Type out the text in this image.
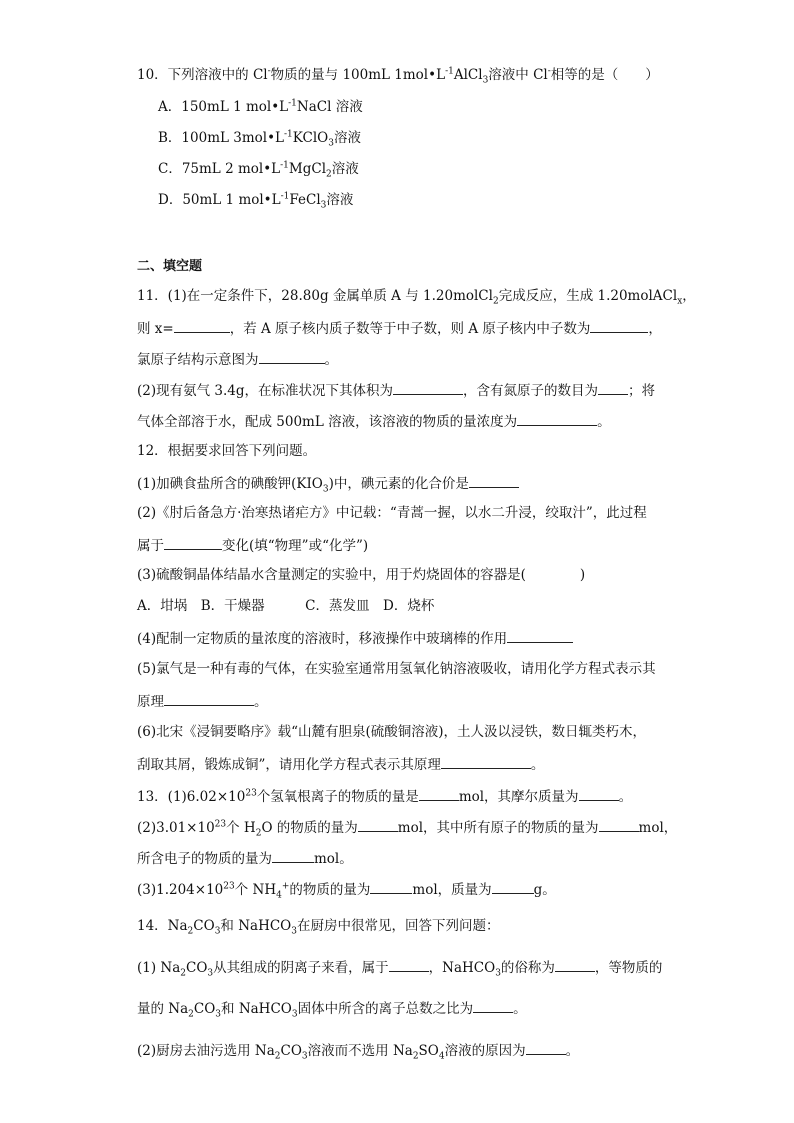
10．下列溶液中的 Cl-物质的量与 100mL $1mol•L^{-1}AlCl_3$溶液中 Cl-相等的是（　　）
A．150mL 1 $mol•L^{-1}NaCl$ 溶液
B．100mL $3mol•L^{-1}KClO_3$溶液
C．75mL 2 $mol•L^{-1}MgCl_2$溶液
D．50mL 1 $mol•L^{-1}FeCl_3$溶液
二、填空题
11．(1)在一定条件下，28.80g 金属单质 A 与 1.20molCl$_2$完成反应，生成 1.20molACl$_x$，
则 x=	，若 A 原子核内质子数等于中子数，则 A 原子核内中子数为	，
氯原子结构示意图为	。
(2)现有氨气 3.4g，在标准状况下其体积为	，含有氮原子的数目为 ；将
气体全部溶于水，配成 500mL 溶液，该溶液的物质的量浓度为	。
12．根据要求回答下列问题。
(1)加碘食盐所含的碘酸钾$(KIO_3)$中，碘元素的化合价是
(2)《肘后备急方·治寒热诸疟方》中记载：“青蒿一握，以水二升浸，绞取汁”，此过程
属于	变化(填“物理”或“化学”)
(3)硫酸铜晶体结晶水含量测定的实验中，用于灼烧固体的容器是(　　　　)
A．坩埚　B．干燥器　　　C．蒸发皿　D．烧杯
(4)配制一定物质的量浓度的溶液时，移液操作中玻璃棒的作用
(5)氯气是一种有毒的气体，在实验室通常用氢氧化钠溶液吸收，请用化学方程式表示其
原理	。
(6)北宋《浸铜要略序》载“山麓有胆泉(硫酸铜溶液)，土人汲以浸铁，数日辄类朽木，
刮取其屑，锻炼成铜”，请用化学方程式表示其原理	。
13．$(1)6.02\times 10^{23}$个氢氧根离子的物质的量是	mol，其摩尔质量为	。
$(2)3.01\times 10^{23}$个 $H_2O$ 的物质的量为	mol，其中所有原子的物质的量为	mol，
所含电子的物质的量为	mol。
$(3)1.204\times 10^{23}$个 $NH_4^+$的物质的量为	mol，质量为	g。
14．$Na_2CO_3$和 NaHCO$_3$在厨房中很常见，回答下列问题：
(1) $Na_2CO_3$从其组成的阴离子来看，属于	，NaHCO$_3$的俗称为	，等物质的
量的 $Na_2CO_3$和 NaHCO$_3$固体中所含的离子总数之比为	。
(2)厨房去油污选用 $Na_2CO_3$溶液而不选用 $Na_2SO_4$溶液的原因为	。
